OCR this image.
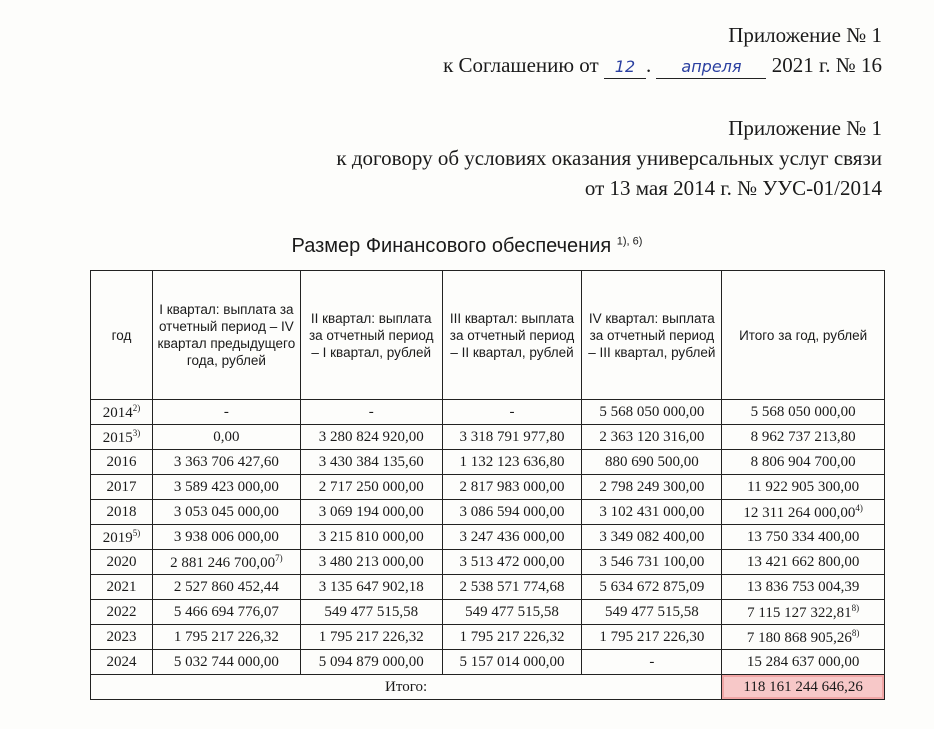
Приложение № 1
к Соглашению от 12 . апреля 2021 г. № 16
Приложение № 1
к договору об условиях оказания универсальных услуг связи
от 13 мая 2014 г. № УУС-01/2014
Размер Финансового обеспечения $^{1), 6)}$
год	I квартал: выплата за отчетный период – IV квартал предыдущего года, рублей	II квартал: выплата за отчетный период – I квартал, рублей	III квартал: выплата за отчетный период – II квартал, рублей	IV квартал: выплата за отчетный период – III квартал, рублей	Итого за год, рублей
2014$^{2)}$	-	-	-	5 568 050 000,00	5 568 050 000,00
2015$^{3)}$	0,00	3 280 824 920,00	3 318 791 977,80	2 363 120 316,00	8 962 737 213,80
2016	3 363 706 427,60	3 430 384 135,60	1 132 123 636,80	880 690 500,00	8 806 904 700,00
2017	3 589 423 000,00	2 717 250 000,00	2 817 983 000,00	2 798 249 300,00	11 922 905 300,00
2018	3 053 045 000,00	3 069 194 000,00	3 086 594 000,00	3 102 431 000,00	12 311 264 000,00$^{4)}$
2019$^{5)}$	3 938 006 000,00	3 215 810 000,00	3 247 436 000,00	3 349 082 400,00	13 750 334 400,00
2020	2 881 246 700,00$^{7)}$	3 480 213 000,00	3 513 472 000,00	3 546 731 100,00	13 421 662 800,00
2021	2 527 860 452,44	3 135 647 902,18	2 538 571 774,68	5 634 672 875,09	13 836 753 004,39
2022	5 466 694 776,07	549 477 515,58	549 477 515,58	549 477 515,58	7 115 127 322,81$^{8)}$
2023	1 795 217 226,32	1 795 217 226,32	1 795 217 226,32	1 795 217 226,30	7 180 868 905,26$^{8)}$
2024	5 032 744 000,00	5 094 879 000,00	5 157 014 000,00	-	15 284 637 000,00
Итого:					118 161 244 646,26
